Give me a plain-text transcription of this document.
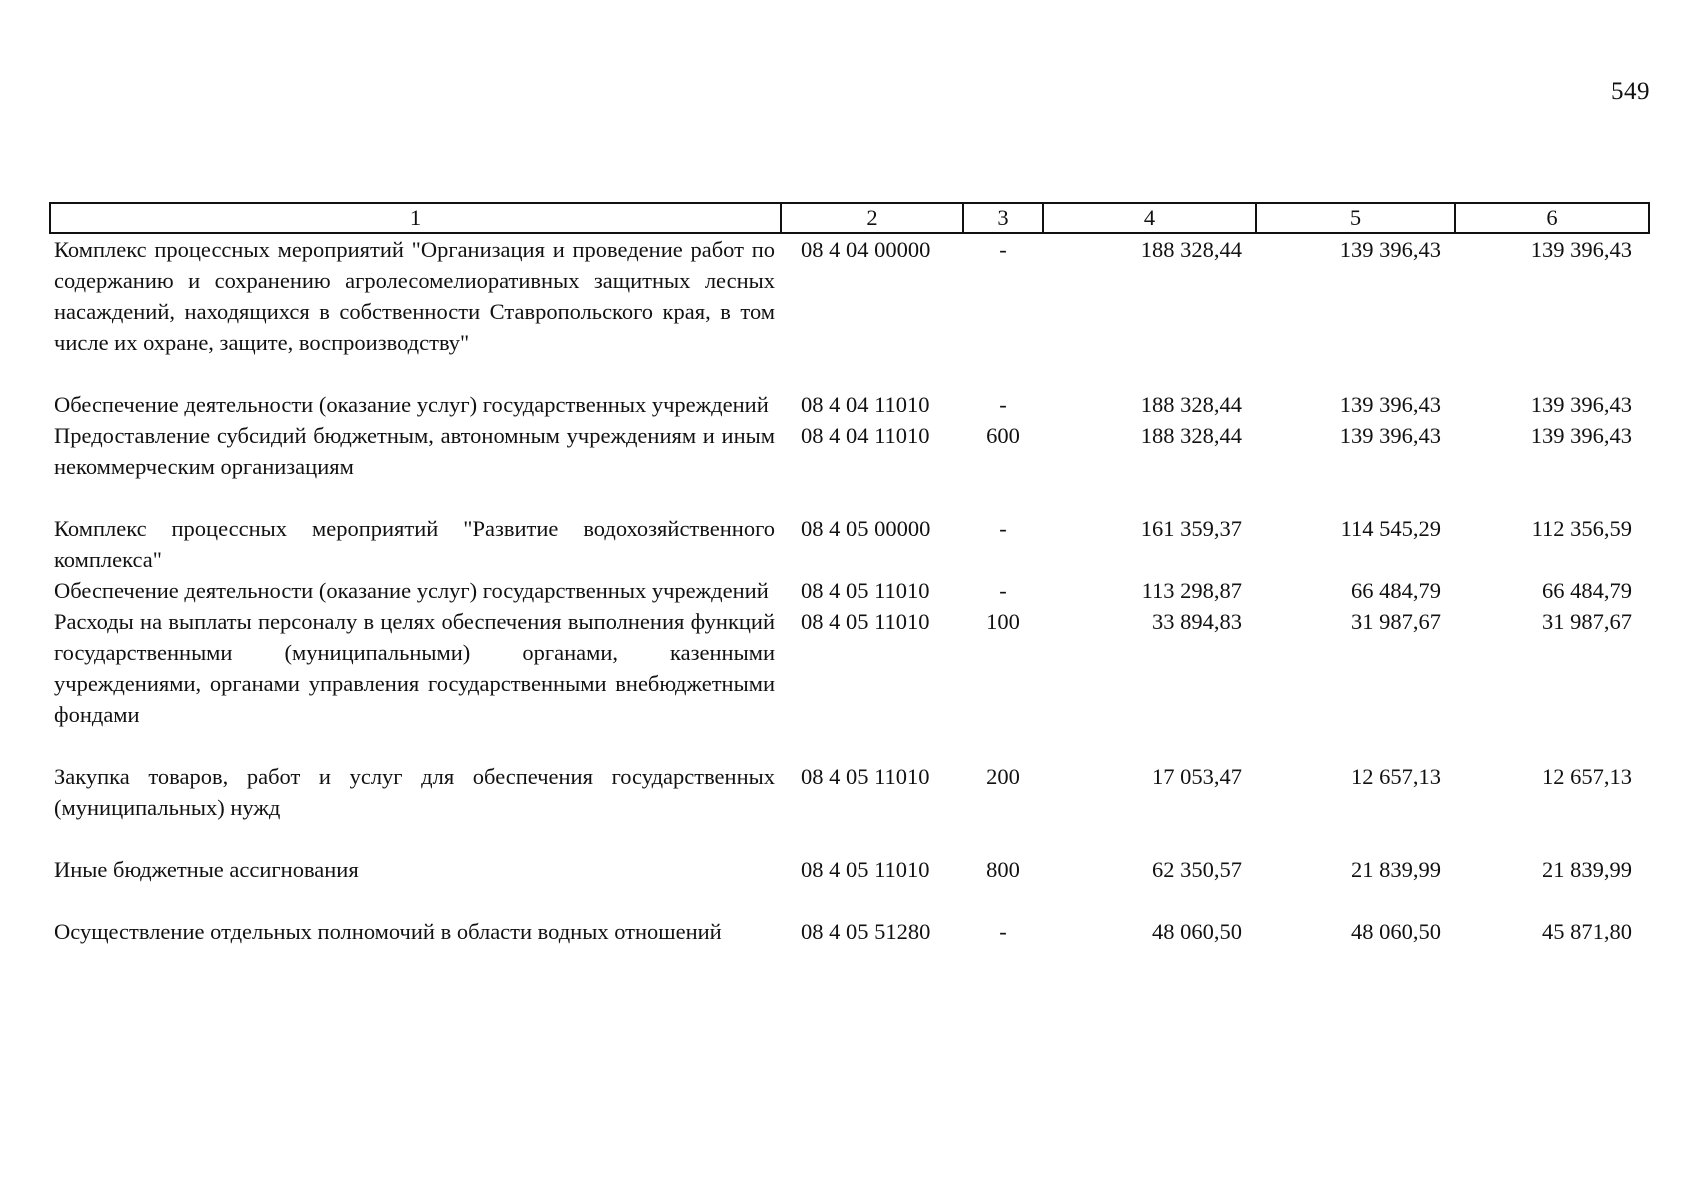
549
1	2	3	4	5	6
Комплекс процессных мероприятий "Организация и проведение работ по содержанию и сохранению агролесомелиоративных защитных лесных насаждений, находящихся в собственности Ставропольского края, в том числе их охране, защите, воспроизводству"	08 4 04 00000	-	188 328,44	139 396,43	139 396,43
Обеспечение деятельности (оказание услуг) государственных учреждений	08 4 04 11010	-	188 328,44	139 396,43	139 396,43
Предоставление субсидий бюджетным, автономным учреждениям и иным некоммерческим организациям	08 4 04 11010	600	188 328,44	139 396,43	139 396,43
Комплекс процессных мероприятий "Развитие водохозяйственного комплекса"	08 4 05 00000	-	161 359,37	114 545,29	112 356,59
Обеспечение деятельности (оказание услуг) государственных учреждений	08 4 05 11010	-	113 298,87	66 484,79	66 484,79
Расходы на выплаты персоналу в целях обеспечения выполнения функций государственными (муниципальными) органами, казенными учреждениями, органами управления государственными внебюджетными фондами	08 4 05 11010	100	33 894,83	31 987,67	31 987,67
Закупка товаров, работ и услуг для обеспечения государственных (муниципальных) нужд	08 4 05 11010	200	17 053,47	12 657,13	12 657,13
Иные бюджетные ассигнования	08 4 05 11010	800	62 350,57	21 839,99	21 839,99
Осуществление отдельных полномочий в области водных отношений	08 4 05 51280	-	48 060,50	48 060,50	45 871,80
